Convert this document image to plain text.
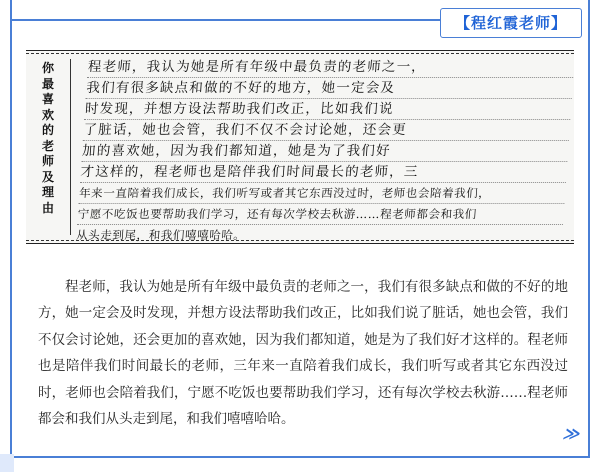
【程红霞老师】
你最喜欢的老师及理由
程老师，我认为她是所有年级中最负责的老师之一，
我们有很多缺点和做的不好的地方，她一定会及
时发现，并想方设法帮助我们改正，比如我们说
了脏话，她也会管，我们不仅不会讨论她，还会更
加的喜欢她，因为我们都知道，她是为了我们好
才这样的，程老师也是陪伴我们时间最长的老师，三
年来一直陪着我们成长，我们听写或者其它东西没过时，老师也会陪着我们，
宁愿不吃饭也要帮助我们学习，还有每次学校去秋游……程老师都会和我们
从头走到尾，和我们嘻嘻哈哈。

程老师，我认为她是所有年级中最负责的老师之一，我们有很多缺点和做的不好的地方，她一定会及时发现，并想方设法帮助我们改正，比如我们说了脏话，她也会管，我们不仅会讨论她，还会更加的喜欢她，因为我们都知道，她是为了我们好才这样的。程老师也是陪伴我们时间最长的老师，三年来一直陪着我们成长，我们听写或者其它东西没过时，老师也会陪着我们，宁愿不吃饭也要帮助我们学习，还有每次学校去秋游……程老师都会和我们从头走到尾，和我们嘻嘻哈哈。

≫
